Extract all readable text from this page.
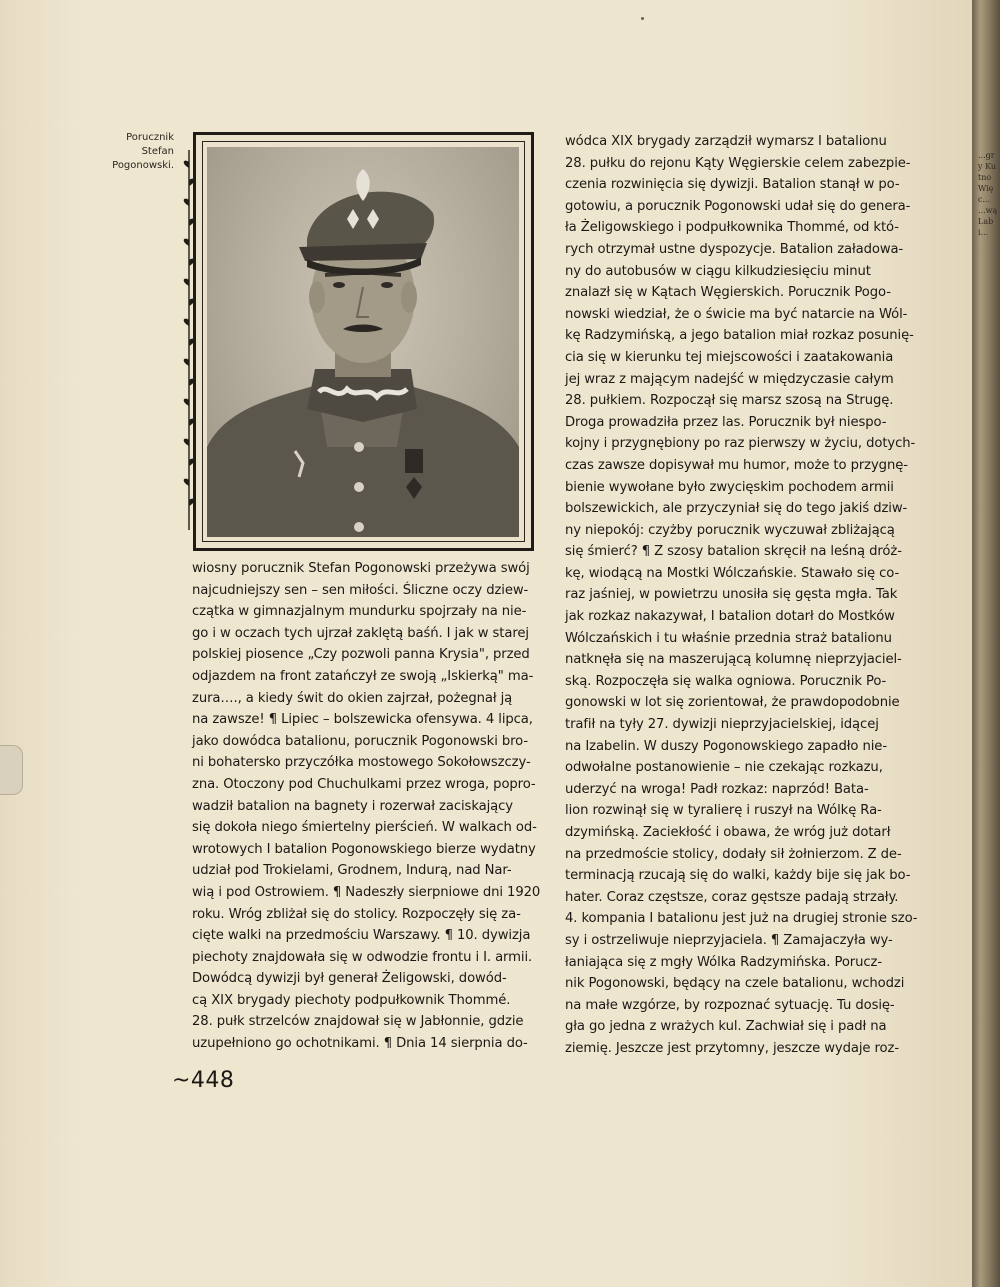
...gry Kutno Więc... ...wą Labi...
Porucznik
Stefan
Pogonowski.
wiosny porucznik Stefan Pogonowski przeżywa swój
najcudniejszy sen – sen miłości. Śliczne oczy dziew-
czątka w gimnazjalnym mundurku spojrzały na nie-
go i w oczach tych ujrzał zaklętą baśń. I jak w starej
polskiej piosence „Czy pozwoli panna Krysia", przed
odjazdem na front zatańczył ze swoją „Iskierką" ma-
zura…., a kiedy świt do okien zajrzał, pożegnał ją
na zawsze! ¶ Lipiec – bolszewicka ofensywa. 4 lipca,
jako dowódca batalionu, porucznik Pogonowski bro-
ni bohatersko przyczółka mostowego Sokołowszczy-
zna. Otoczony pod Chuchulkami przez wroga, popro-
wadził batalion na bagnety i rozerwał zaciskający
się dokoła niego śmiertelny pierścień. W walkach od-
wrotowych I batalion Pogonowskiego bierze wydatny
udział pod Trokielami, Grodnem, Indurą, nad Nar-
wią i pod Ostrowiem. ¶ Nadeszły sierpniowe dni 1920
roku. Wróg zbliżał się do stolicy. Rozpoczęły się za-
cięte walki na przedmościu Warszawy. ¶ 10. dywizja
piechoty znajdowała się w odwodzie frontu i I. armii.
Dowódcą dywizji był generał Żeligowski, dowód-
cą XIX brygady piechoty podpułkownik Thommé.
28. pułk strzelców znajdował się w Jabłonnie, gdzie
uzupełniono go ochotnikami. ¶ Dnia 14 sierpnia do-
wódca XIX brygady zarządził wymarsz I batalionu
28. pułku do rejonu Kąty Węgierskie celem zabezpie-
czenia rozwinięcia się dywizji. Batalion stanął w po-
gotowiu, a porucznik Pogonowski udał się do genera-
ła Żeligowskiego i podpułkownika Thommé, od któ-
rych otrzymał ustne dyspozycje. Batalion załadowa-
ny do autobusów w ciągu kilkudziesięciu minut
znalazł się w Kątach Węgierskich. Porucznik Pogo-
nowski wiedział, że o świcie ma być natarcie na Wól-
kę Radzymińską, a jego batalion miał rozkaz posunię-
cia się w kierunku tej miejscowości i zaatakowania
jej wraz z mającym nadejść w międzyczasie całym
28. pułkiem. Rozpoczął się marsz szosą na Strugę.
Droga prowadziła przez las. Porucznik był niespo-
kojny i przygnębiony po raz pierwszy w życiu, dotych-
czas zawsze dopisywał mu humor, może to przygnę-
bienie wywołane było zwycięskim pochodem armii
bolszewickich, ale przyczyniał się do tego jakiś dziw-
ny niepokój: czyżby porucznik wyczuwał zbliżającą
się śmierć? ¶ Z szosy batalion skręcił na leśną dróż-
kę, wiodącą na Mostki Wólczańskie. Stawało się co-
raz jaśniej, w powietrzu unosiła się gęsta mgła. Tak
jak rozkaz nakazywał, I batalion dotarł do Mostków
Wólczańskich i tu właśnie przednia straż batalionu
natknęła się na maszerującą kolumnę nieprzyjaciel-
ską. Rozpoczęła się walka ogniowa. Porucznik Po-
gonowski w lot się zorientował, że prawdopodobnie
trafił na tyły 27. dywizji nieprzyjacielskiej, idącej
na Izabelin. W duszy Pogonowskiego zapadło nie-
odwołalne postanowienie – nie czekając rozkazu,
uderzyć na wroga! Padł rozkaz: naprzód! Bata-
lion rozwinął się w tyralierę i ruszył na Wólkę Ra-
dzymińską. Zaciekłość i obawa, że wróg już dotarł
na przedmoście stolicy, dodały sił żołnierzom. Z de-
terminacją rzucają się do walki, każdy bije się jak bo-
hater. Coraz częstsze, coraz gęstsze padają strzały.
4. kompania I batalionu jest już na drugiej stronie szo-
sy i ostrzeliwuje nieprzyjaciela. ¶ Zamajaczyła wy-
łaniająca się z mgły Wólka Radzymińska. Porucz-
nik Pogonowski, będący na czele batalionu, wchodzi
na małe wzgórze, by rozpoznać sytuację. Tu dosię-
gła go jedna z wrażych kul. Zachwiał się i padł na
ziemię. Jeszcze jest przytomny, jeszcze wydaje roz-
~448
